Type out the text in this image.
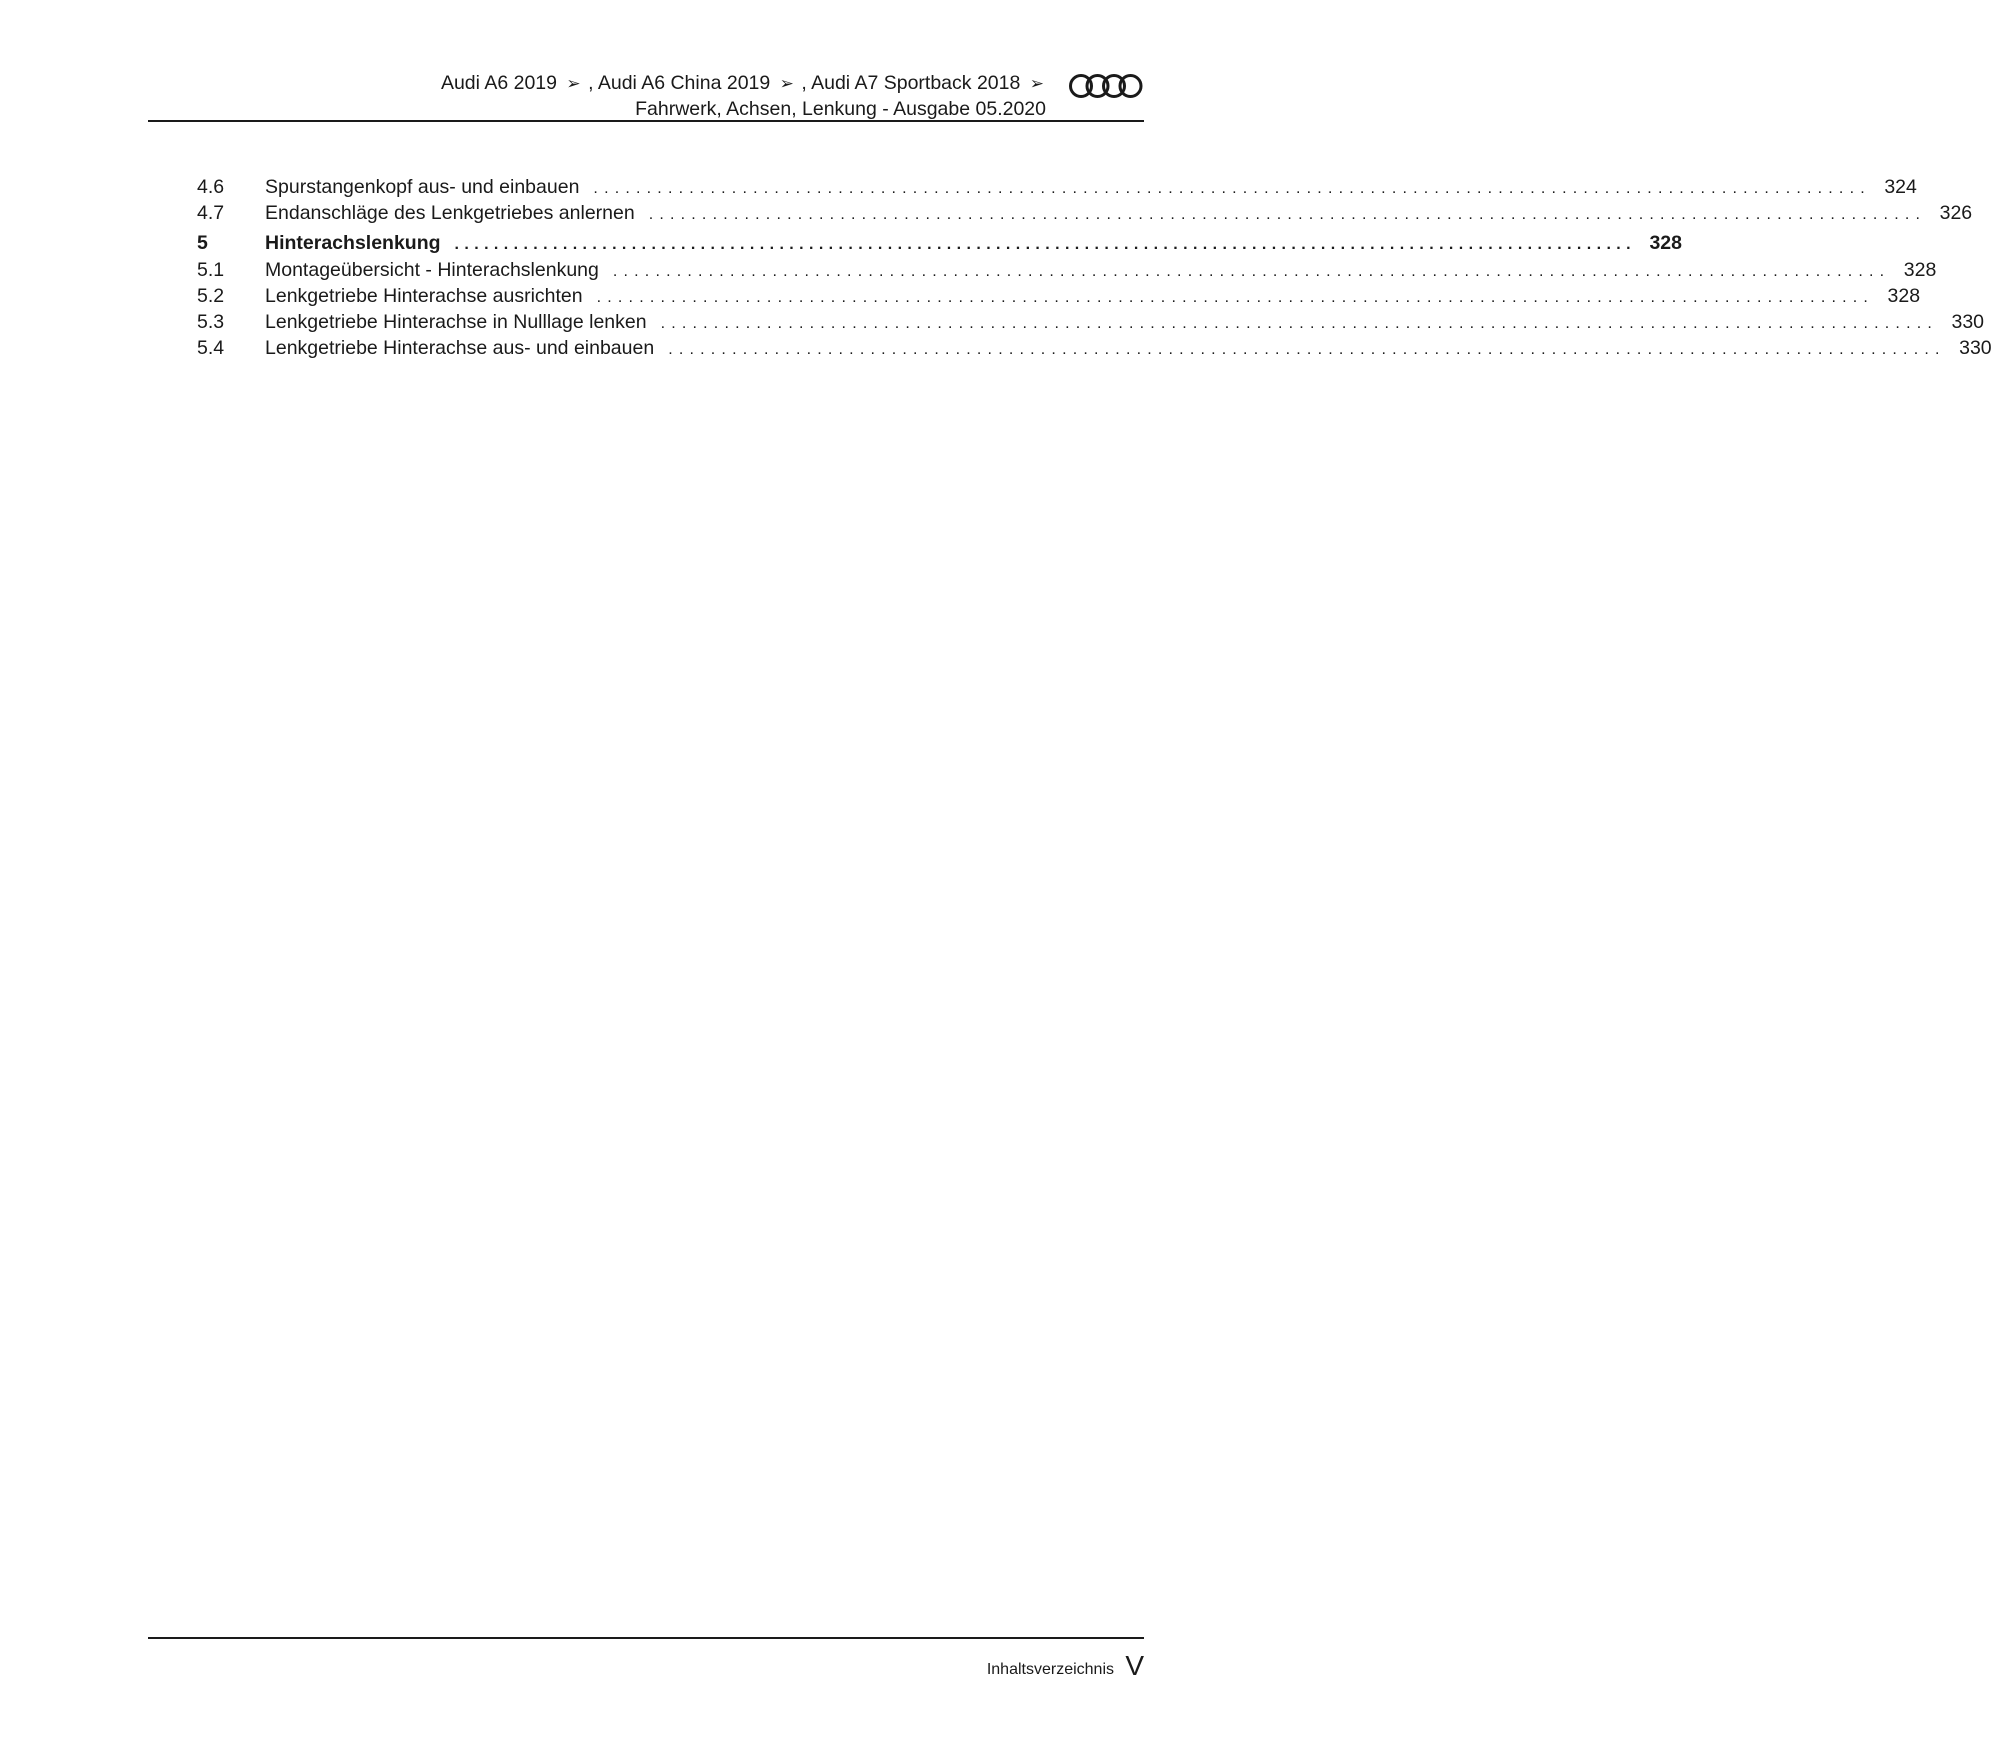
Audi A6 2019 ➢ , Audi A6 China 2019 ➢ , Audi A7 Sportback 2018 ➢
Fahrwerk, Achsen, Lenkung - Ausgabe 05.2020
4.6	Spurstangenkopf aus- und einbauen ........................................................................................................................ 324
4.7	Endanschläge des Lenkgetriebes anlernen ........................................................................................................................ 326
5	Hinterachslenkung ........................................................................................................................ 328
5.1	Montageübersicht - Hinterachslenkung ........................................................................................................................ 328
5.2	Lenkgetriebe Hinterachse ausrichten ........................................................................................................................ 328
5.3	Lenkgetriebe Hinterachse in Nulllage lenken ........................................................................................................................ 330
5.4	Lenkgetriebe Hinterachse aus- und einbauen ........................................................................................................................ 330
Inhaltsverzeichnis V
